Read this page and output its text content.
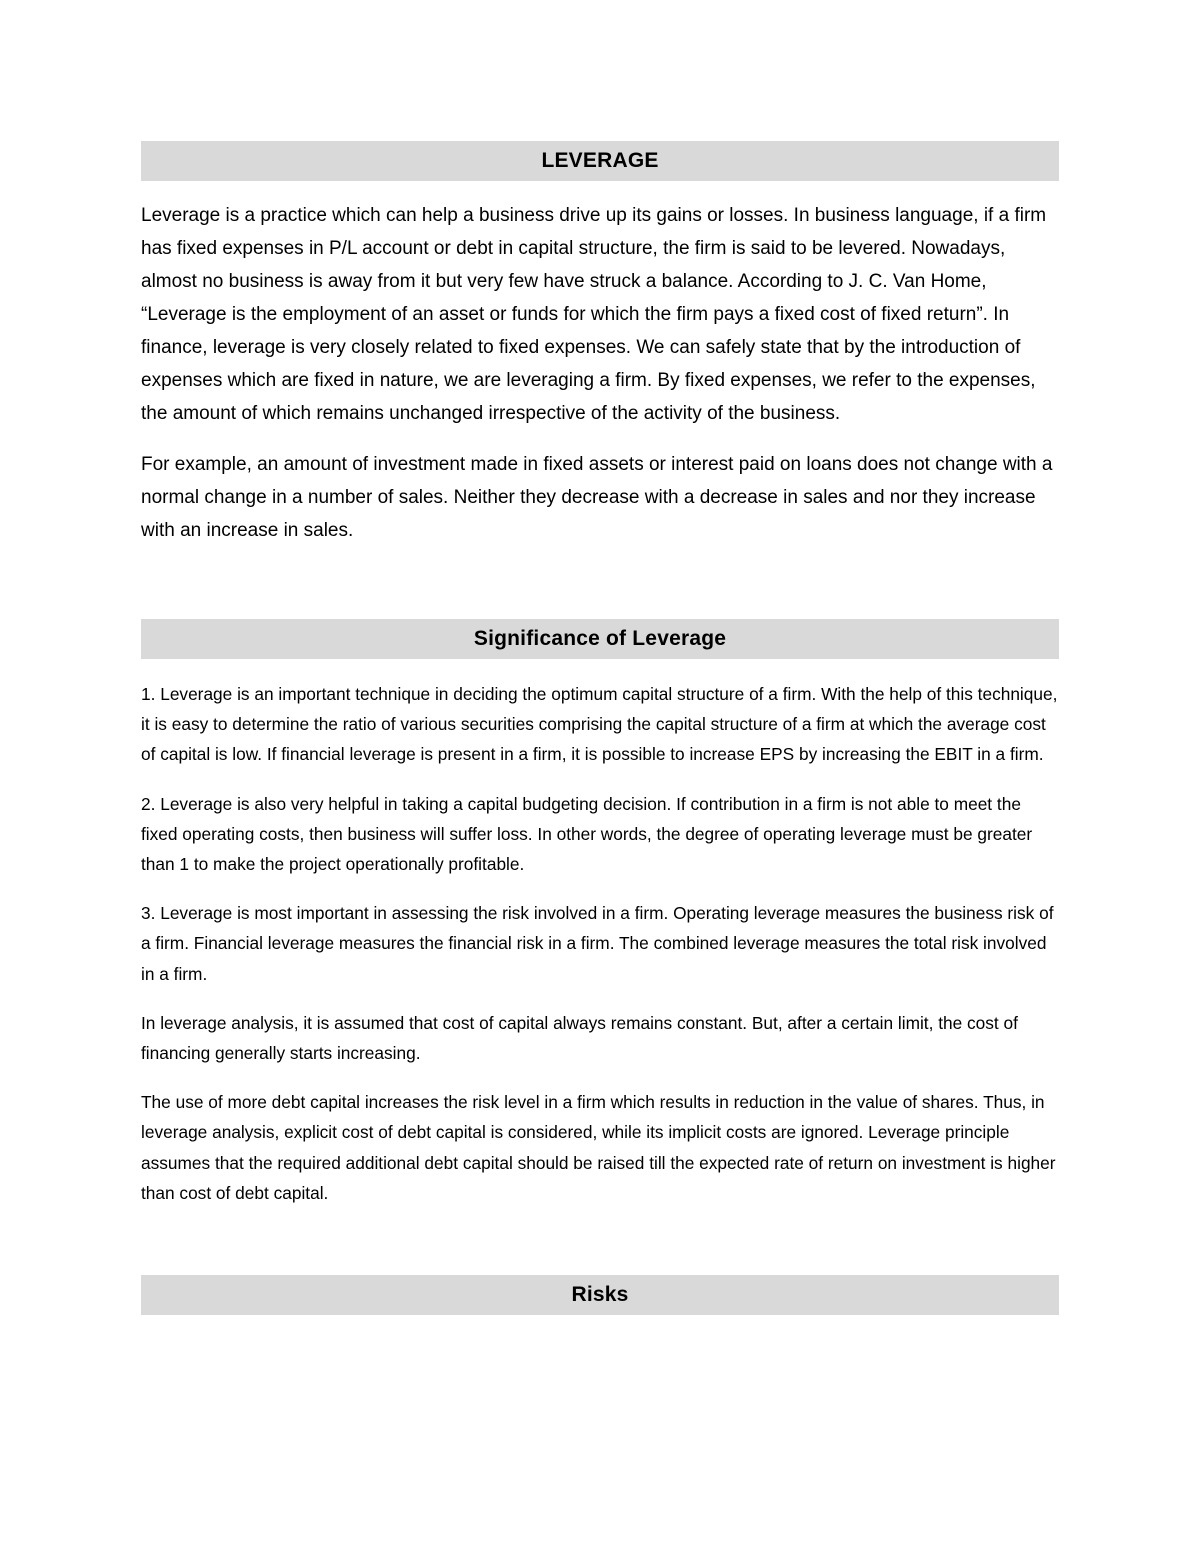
LEVERAGE

Leverage is a practice which can help a business drive up its gains or losses. In business language, if a firm has fixed expenses in P/L account or debt in capital structure, the firm is said to be levered. Nowadays, almost no business is away from it but very few have struck a balance. According to J. C. Van Home, “Leverage is the employment of an asset or funds for which the firm pays a fixed cost of fixed return”. In finance, leverage is very closely related to fixed expenses. We can safely state that by the introduction of expenses which are fixed in nature, we are leveraging a firm. By fixed expenses, we refer to the expenses, the amount of which remains unchanged irrespective of the activity of the business.

For example, an amount of investment made in fixed assets or interest paid on loans does not change with a normal change in a number of sales. Neither they decrease with a decrease in sales and nor they increase with an increase in sales.

Significance of Leverage

1. Leverage is an important technique in deciding the optimum capital structure of a firm. With the help of this technique, it is easy to determine the ratio of various securities comprising the capital structure of a firm at which the average cost of capital is low. If financial leverage is present in a firm, it is possible to increase EPS by increasing the EBIT in a firm.

2. Leverage is also very helpful in taking a capital budgeting decision. If contribution in a firm is not able to meet the fixed operating costs, then business will suffer loss. In other words, the degree of operating leverage must be greater than 1 to make the project operationally profitable.

3. Leverage is most important in assessing the risk involved in a firm. Operating leverage measures the business risk of a firm. Financial leverage measures the financial risk in a firm. The combined leverage measures the total risk involved in a firm.

In leverage analysis, it is assumed that cost of capital always remains constant. But, after a certain limit, the cost of financing generally starts increasing.

The use of more debt capital increases the risk level in a firm which results in reduction in the value of shares. Thus, in leverage analysis, explicit cost of debt capital is considered, while its implicit costs are ignored. Leverage principle assumes that the required additional debt capital should be raised till the expected rate of return on investment is higher than cost of debt capital.

Risks
